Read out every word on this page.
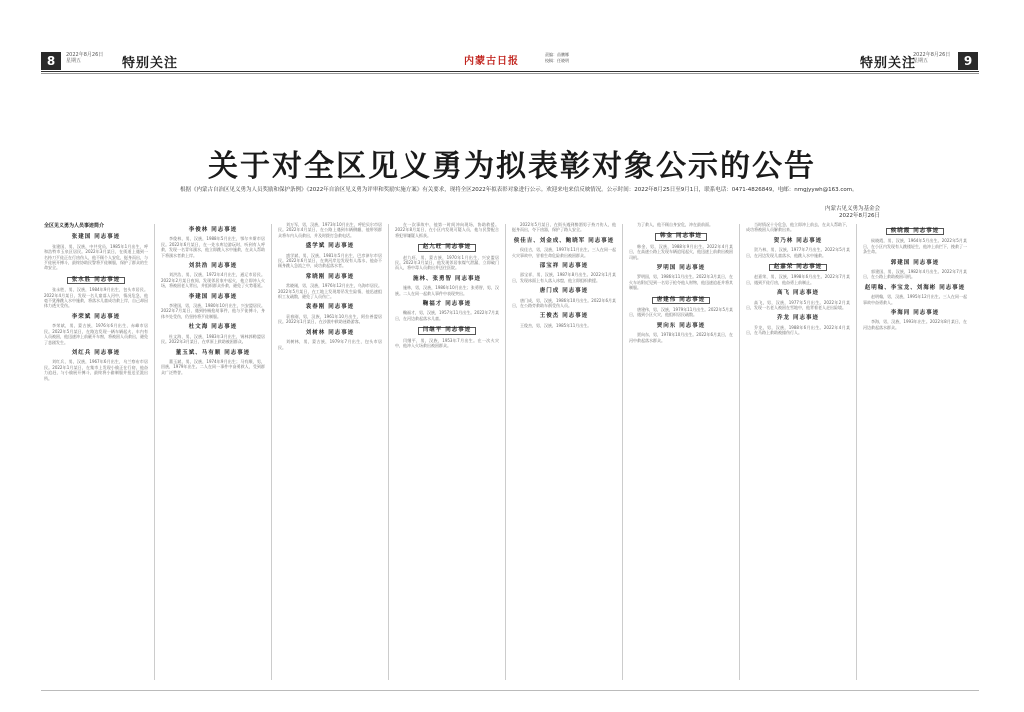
8	2022年8月26日 星期五	特别关注	内蒙古日报
责编：苗鹏娜
校稿：任晓明	特别关注
2022年8月26日 星期五	9
关于对全区见义勇为拟表彰对象公示的公告
根据《内蒙古自治区见义勇为人员奖励和保护条例》《2022年自治区见义勇为评审和奖励实施方案》有关要求，现将全区2022年拟表彰对象进行公示。欢迎来电来信反映情况。公示时间：2022年8月25日至9月1日，联系电话：0471-4826849，电邮：nmgjyywh@163.com。
内蒙古见义勇为基金会
2022年8月26日
全区见义勇为人员事迹简介
张建国 同志事迹
张建国，男，汉族，中共党员，1985年1月出生，呼和浩特市玉泉区居民。2022年3月某日，在街道上遇到一名持刀歹徒正在行凶伤人，他不顾个人安危，挺身而出，与歹徒展开搏斗，最终协助民警将歹徒制服，保护了群众的生命安全。
张永胜 同志事迹
张永胜，男，汉族，1984年9月出生，包头市居民。2022年4月某日，发现一名儿童落入河中，情况危急，他毫不犹豫跳入水中施救，将落水儿童成功救上岸，自己却因体力透支受伤。
李荣斌 同志事迹
李荣斌，男，蒙古族，1976年6月出生，赤峰市居民。2022年5月某日，在路边发现一辆车辆起火，车内有人员被困，他迅速冲上前砸开车窗，将被困人员救出，避免了悲剧发生。
刘红兵 同志事迹
刘红兵，男，汉族，1967年6月出生，乌兰察布市居民。2022年1月某日，在集市上发现小偷正在行窃，他奋力追赶，与小偷展开搏斗，最终将小偷制服并扭送至派出所。
李俊林 同志事迹
李俊林，男，汉族，1988年5月出生，鄂尔多斯市居民。2022年6月某日，在一处水库边游玩时，听到有人呼救，发现一名青年溺水，他立即跳入水中施救，在众人帮助下将溺水者救上岸。
刘洪浩 同志事迹
刘洪浩，男，汉族，1972年4月出生，通辽市居民。2022年2月某日夜间，发现邻居家中起火，他立即冲入火场，将被困老人背出，并组织群众扑救，避免了火势蔓延。
李建国 同志事迹
李建国，男，汉族，1980年10月出生，兴安盟居民。2022年7月某日，遇到持械抢劫事件，他与歹徒搏斗，身体多处受伤，仍坚持将歹徒制服。
杜文海 同志事迹
杜文海，男，汉族，1983年3月出生，锡林郭勒盟居民。2022年3月某日，在草原上救助被困群众。
董玉斌、马有顺 同志事迹
董玉斌，男，汉族，1974年9月出生；马有顺，男，回族，1979年出生。二人在同一事件中奋勇救人，受到群众广泛赞誉。
刘万军，男，汉族，1973年10月出生，呼伦贝尔市居民。2022年4月某日，在公路上遇到车辆侧翻，他带领群众将车内人员救出，并及时拨打急救电话。
盛学斌 同志事迹
盛学斌，男，汉族，1981年5月出生，巴彦淖尔市居民。2022年6月某日，在黄河岸边发现有人落水，他奋不顾身跳入急流之中，成功救起落水者。
常晓刚 同志事迹
常晓刚，男，汉族，1976年12月出生，乌海市居民。2022年5月某日，在工地上发现塔吊发生险情，他迅速组织工友疏散，避免了人员伤亡。
袁春刚 同志事迹
袁春刚，男，汉族，1961年10月出生，阿拉善盟居民。2022年1月某日，在沙漠中救助迷路游客。
刘树林 同志事迹
刘树林，男，蒙古族，1979年7月出生，包头市居民。
在一次事故中，他第一时间冲向现场，协助救援。2022年8月某日，在小区内发现可疑人员，他与民警配合将犯罪嫌疑人抓获。
赵九旺 同志事迹
赵九旺，男，蒙古族，1970年1月出生，兴安盟居民。2022年3月某日，他发现邻居家煤气泄漏，立即破门而入，将中毒人员救出并送往医院。
施林、张勇智 同志事迹
施林，男，汉族，1986年10月出生；张勇智，男，汉族。二人在同一起救人事件中表现突出。
鞠福才 同志事迹
鞠福才，男，汉族，1957年11月出生。2022年7月某日，在河边救起落水儿童。
闫继平 同志事迹
闫继平，男，汉族，1953年7月出生。在一次火灾中，他冲入火场救出被困群众。
2022年5月某日，在街头遇到醉酒男子持刀伤人，他挺身而出，夺下凶器，保护了路人安全。
侯佳吉、刘金成、鲍晓军 同志事迹
侯佳吉，男，汉族，1997年11月出生。三人在同一起火灾事故中，冒着生命危险救出被困群众。
邵宝祥 同志事迹
邵宝祥，男，汉族，1987年8月出生。2022年1月某日，发现冰面上有人落入冰窟，他立即组织救援。
唐门成 同志事迹
唐门成，男，汉族，1986年10月出生。2022年6月某日，在公路旁救助车祸受伤人员。
王俊杰 同志事迹
王俊杰，男，汉族，1985年11月出生。
为了救人，他不顾自身安危，冲在最前面。
韩金 同志事迹
韩金，男，汉族，1988年9月出生。2022年4月某日，在高速公路上发现车辆追尾起火，他迅速上前救出被困司机。
罗明国 同志事迹
罗明国，男，1986年11月出生。2022年3月某日，在火车站附近见到一名男子抢夺他人财物，他迅速追赶并将其制服。
唐建伟 同志事迹
唐建伟，男，汉族，1979年11月出生。2022年5月某日，遇到小区火灾，他组织居民疏散。
贾向东 同志事迹
贾向东，男，1978年10月出生。2022年6月某日，在河中救起落水群众。
当时情况十分危急，他立即冲上前去，在众人帮助下，成功将被困人员解救出来。
贺乃林 同志事迹
贺乃林，男，汉族，1977年7月出生。2022年5月某日，在河边发现儿童落水，他跳入水中施救。
赵嘉荣 同志事迹
赵嘉荣，男，汉族，1998年6月出生。2022年7月某日，遇到歹徒行凶，他奋勇上前制止。
高飞 同志事迹
高飞，男，汉族，1977年5月出生。2022年2月某日，发现一名老人被困在雪地中，他背着老人走出险境。
乔龙 同志事迹
乔龙，男，汉族，1988年6月出生。2022年4月某日，在马路上救助被撞伤行人。
候晓霞 同志事迹
候晓霞，男，汉族，1964年5月出生。2022年5月某日，在小区内发现有人跳楼轻生，他冲上前拦下，挽救了一条生命。
郭建国 同志事迹
郭建国，男，汉族，1982年4月出生。2022年7月某日，在公路上救助被困司机。
赵明翰、李宝龙、刘海彬 同志事迹
赵明翰，男，汉族，1995年12月出生。三人在同一起事故中奋勇救人。
李海同 同志事迹
李海，男，汉族，1993年出生。2022年8月某日，在河边救起落水群众。
